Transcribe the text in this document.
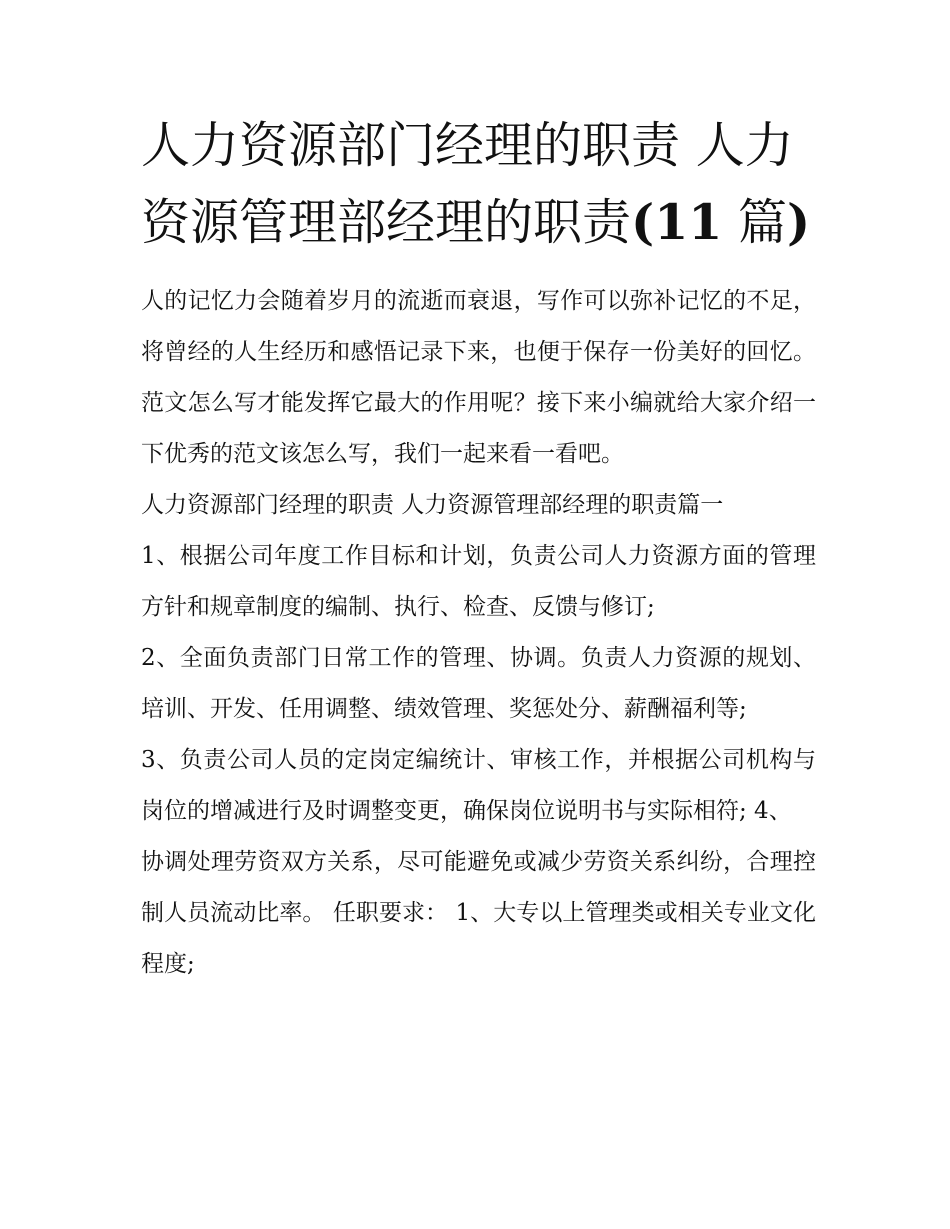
人力资源部门经理的职责 人力资源管理部经理的职责(11 篇)

人的记忆力会随着岁月的流逝而衰退，写作可以弥补记忆的不足，将曾经的人生经历和感悟记录下来，也便于保存一份美好的回忆。范文怎么写才能发挥它最大的作用呢？接下来小编就给大家介绍一下优秀的范文该怎么写，我们一起来看一看吧。

人力资源部门经理的职责 人力资源管理部经理的职责篇一

1、根据公司年度工作目标和计划，负责公司人力资源方面的管理方针和规章制度的编制、执行、检查、反馈与修订;

2、全面负责部门日常工作的管理、协调。负责人力资源的规划、培训、开发、任用调整、绩效管理、奖惩处分、薪酬福利等;

3、负责公司人员的定岗定编统计、审核工作，并根据公司机构与岗位的增减进行及时调整变更，确保岗位说明书与实际相符; 4、

协调处理劳资双方关系，尽可能避免或减少劳资关系纠纷，合理控制人员流动比率。 任职要求： 1、大专以上管理类或相关专业文化程度;
